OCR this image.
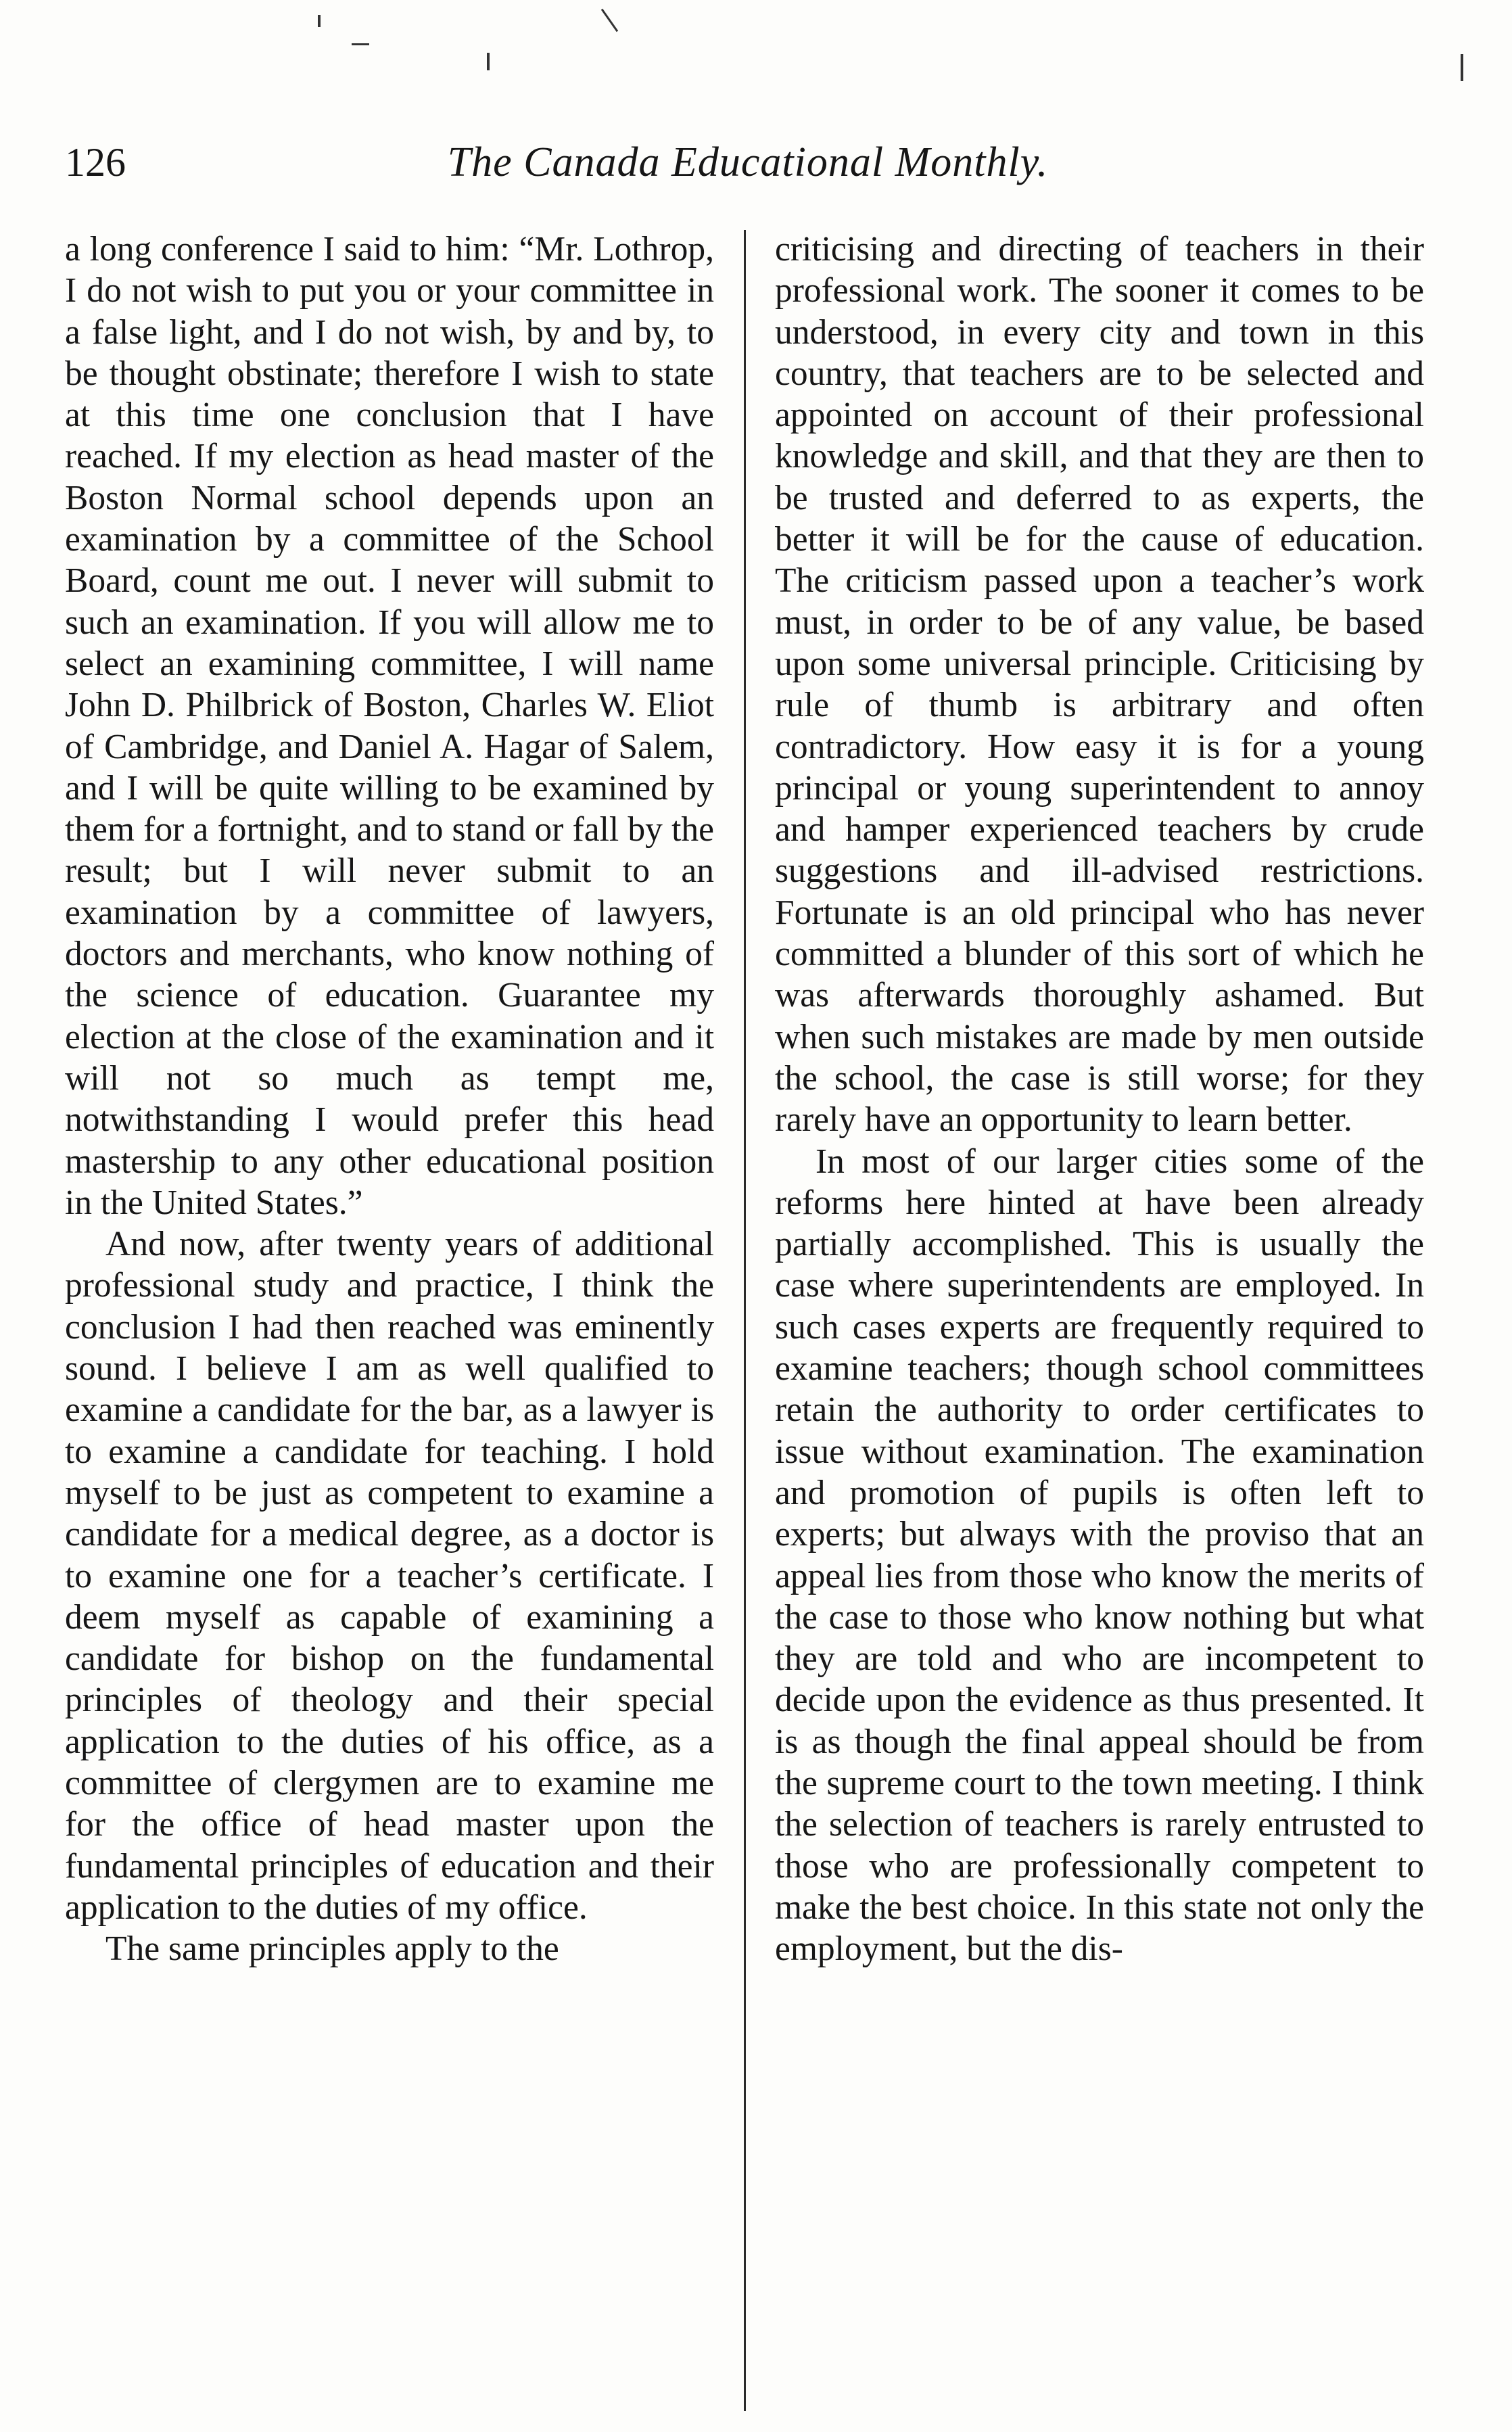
126	The Canada Educational Monthly.

a long conference I said to him: “Mr. Lothrop, I do not wish to put you or your committee in a false light, and I do not wish, by and by, to be thought obstinate; therefore I wish to state at this time one conclusion that I have reached. If my election as head master of the Boston Normal school depends upon an examination by a committee of the School Board, count me out. I never will submit to such an examination. If you will allow me to select an examining committee, I will name John D. Philbrick of Boston, Charles W. Eliot of Cambridge, and Daniel A. Hagar of Salem, and I will be quite willing to be examined by them for a fortnight, and to stand or fall by the result; but I will never submit to an examination by a committee of lawyers, doctors and merchants, who know nothing of the science of education. Guarantee my election at the close of the examination and it will not so much as tempt me, notwithstanding I would prefer this head mastership to any other educational position in the United States.”

And now, after twenty years of additional professional study and practice, I think the conclusion I had then reached was eminently sound. I believe I am as well qualified to examine a candidate for the bar, as a lawyer is to examine a candidate for teaching. I hold myself to be just as competent to examine a candidate for a medical degree, as a doctor is to examine one for a teacher’s certificate. I deem myself as capable of examining a candidate for bishop on the fundamental principles of theology and their special application to the duties of his office, as a committee of clergymen are to examine me for the office of head master upon the fundamental principles of education and their application to the duties of my office.

The same principles apply to the

criticising and directing of teachers in their professional work. The sooner it comes to be understood, in every city and town in this country, that teachers are to be selected and appointed on account of their professional knowledge and skill, and that they are then to be trusted and deferred to as experts, the better it will be for the cause of education. The criticism passed upon a teacher’s work must, in order to be of any value, be based upon some universal principle. Criticising by rule of thumb is arbitrary and often contradictory. How easy it is for a young principal or young superintendent to annoy and hamper experienced teachers by crude suggestions and ill-advised restrictions. Fortunate is an old principal who has never committed a blunder of this sort of which he was afterwards thoroughly ashamed. But when such mistakes are made by men outside the school, the case is still worse; for they rarely have an opportunity to learn better.

In most of our larger cities some of the reforms here hinted at have been already partially accomplished. This is usually the case where superintendents are employed. In such cases experts are frequently required to examine teachers; though school committees retain the authority to order certificates to issue without examination. The examination and promotion of pupils is often left to experts; but always with the proviso that an appeal lies from those who know the merits of the case to those who know nothing but what they are told and who are incompetent to decide upon the evidence as thus presented. It is as though the final appeal should be from the supreme court to the town meeting. I think the selection of teachers is rarely entrusted to those who are professionally competent to make the best choice. In this state not only the employment, but the dis-
